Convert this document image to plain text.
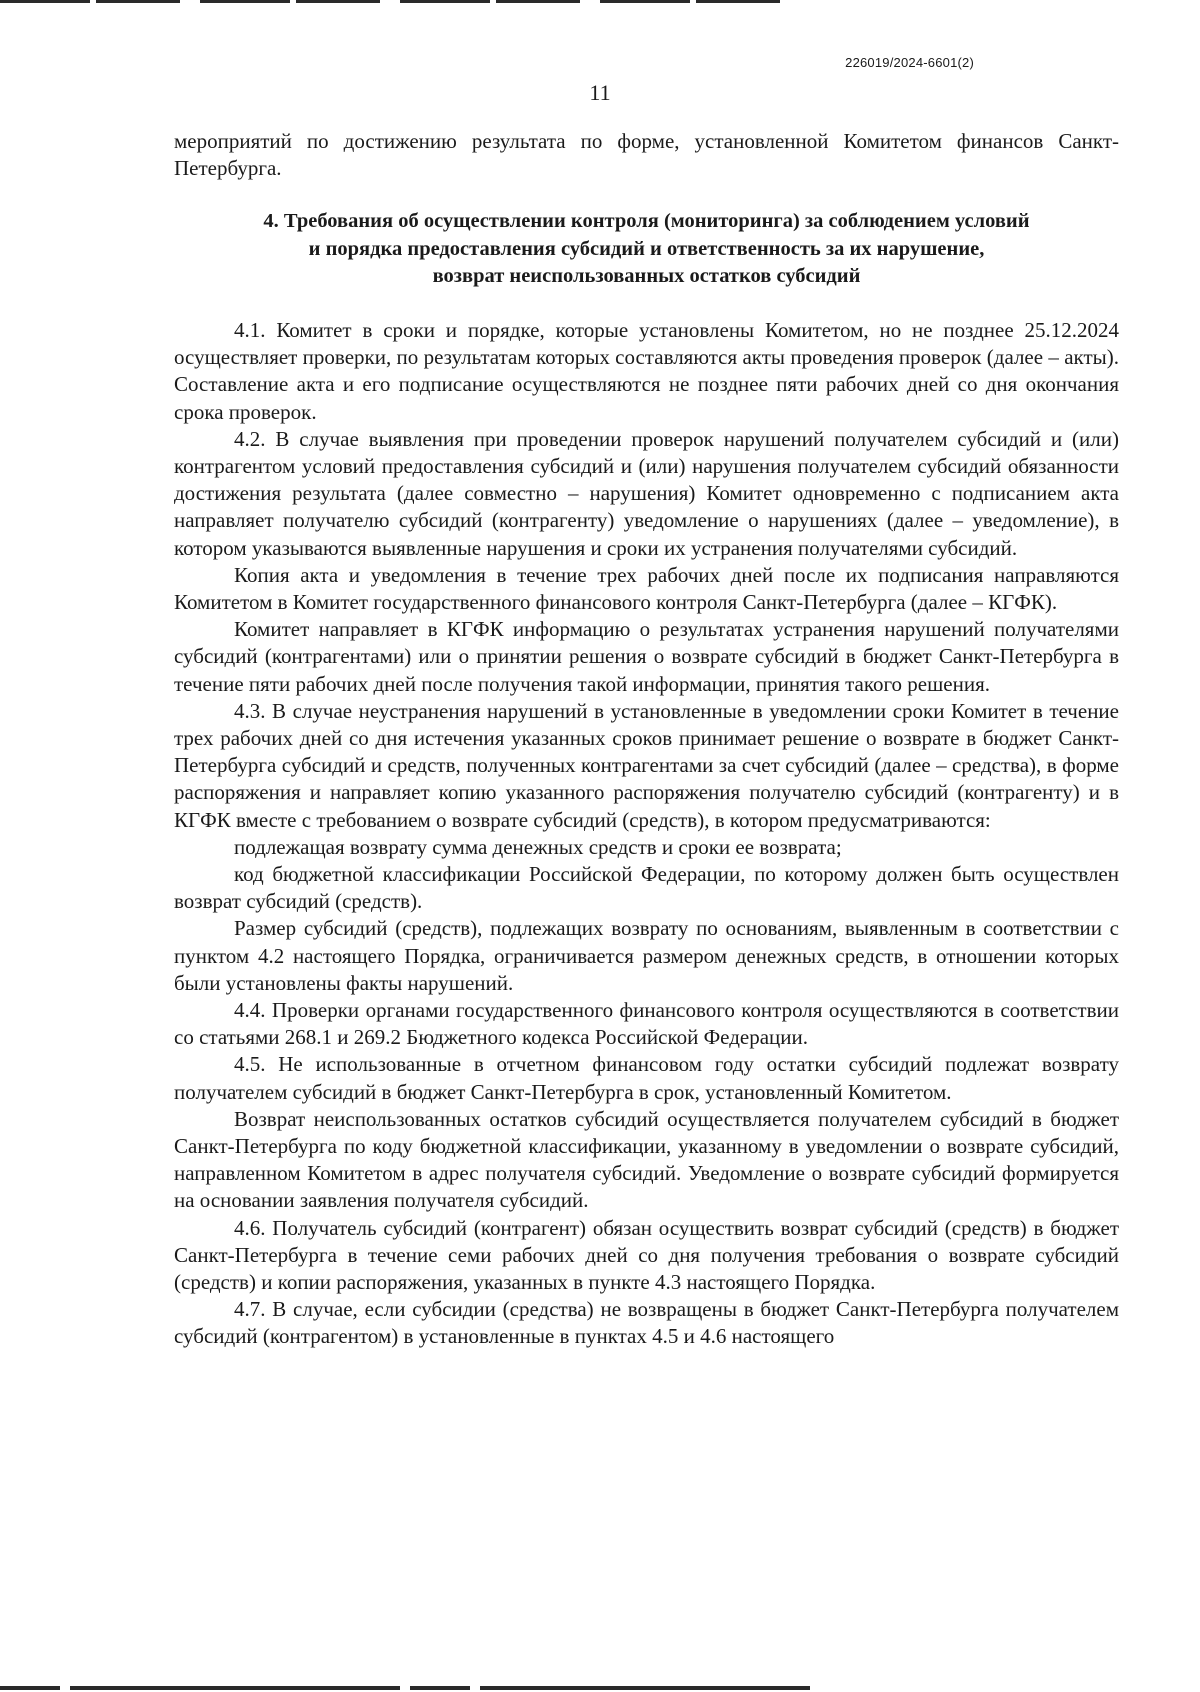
226019/2024-6601(2)
11

мероприятий по достижению результата по форме, установленной Комитетом финансов Санкт-Петербурга.

4. Требования об осуществлении контроля (мониторинга) за соблюдением условий
и порядка предоставления субсидий и ответственность за их нарушение,
возврат неиспользованных остатков субсидий

4.1. Комитет в сроки и порядке, которые установлены Комитетом, но не позднее 25.12.2024 осуществляет проверки, по результатам которых составляются акты проведения проверок (далее – акты). Составление акта и его подписание осуществляются не позднее пяти рабочих дней со дня окончания срока проверок.

4.2. В случае выявления при проведении проверок нарушений получателем субсидий и (или) контрагентом условий предоставления субсидий и (или) нарушения получателем субсидий обязанности достижения результата (далее совместно – нарушения) Комитет одновременно с подписанием акта направляет получателю субсидий (контрагенту) уведомление о нарушениях (далее – уведомление), в котором указываются выявленные нарушения и сроки их устранения получателями субсидий.

Копия акта и уведомления в течение трех рабочих дней после их подписания направляются Комитетом в Комитет государственного финансового контроля Санкт-Петербурга (далее – КГФК).

Комитет направляет в КГФК информацию о результатах устранения нарушений получателями субсидий (контрагентами) или о принятии решения о возврате субсидий в бюджет Санкт-Петербурга в течение пяти рабочих дней после получения такой информации, принятия такого решения.

4.3. В случае неустранения нарушений в установленные в уведомлении сроки Комитет в течение трех рабочих дней со дня истечения указанных сроков принимает решение о возврате в бюджет Санкт-Петербурга субсидий и средств, полученных контрагентами за счет субсидий (далее – средства), в форме распоряжения и направляет копию указанного распоряжения получателю субсидий (контрагенту) и в КГФК вместе с требованием о возврате субсидий (средств), в котором предусматриваются:

подлежащая возврату сумма денежных средств и сроки ее возврата;

код бюджетной классификации Российской Федерации, по которому должен быть осуществлен возврат субсидий (средств).

Размер субсидий (средств), подлежащих возврату по основаниям, выявленным в соответствии с пунктом 4.2 настоящего Порядка, ограничивается размером денежных средств, в отношении которых были установлены факты нарушений.

4.4. Проверки органами государственного финансового контроля осуществляются в соответствии со статьями 268.1 и 269.2 Бюджетного кодекса Российской Федерации.

4.5. Не использованные в отчетном финансовом году остатки субсидий подлежат возврату получателем субсидий в бюджет Санкт-Петербурга в срок, установленный Комитетом.

Возврат неиспользованных остатков субсидий осуществляется получателем субсидий в бюджет Санкт-Петербурга по коду бюджетной классификации, указанному в уведомлении о возврате субсидий, направленном Комитетом в адрес получателя субсидий. Уведомление о возврате субсидий формируется на основании заявления получателя субсидий.

4.6. Получатель субсидий (контрагент) обязан осуществить возврат субсидий (средств) в бюджет Санкт-Петербурга в течение семи рабочих дней со дня получения требования о возврате субсидий (средств) и копии распоряжения, указанных в пункте 4.3 настоящего Порядка.

4.7. В случае, если субсидии (средства) не возвращены в бюджет Санкт-Петербурга получателем субсидий (контрагентом) в установленные в пунктах 4.5 и 4.6 настоящего
